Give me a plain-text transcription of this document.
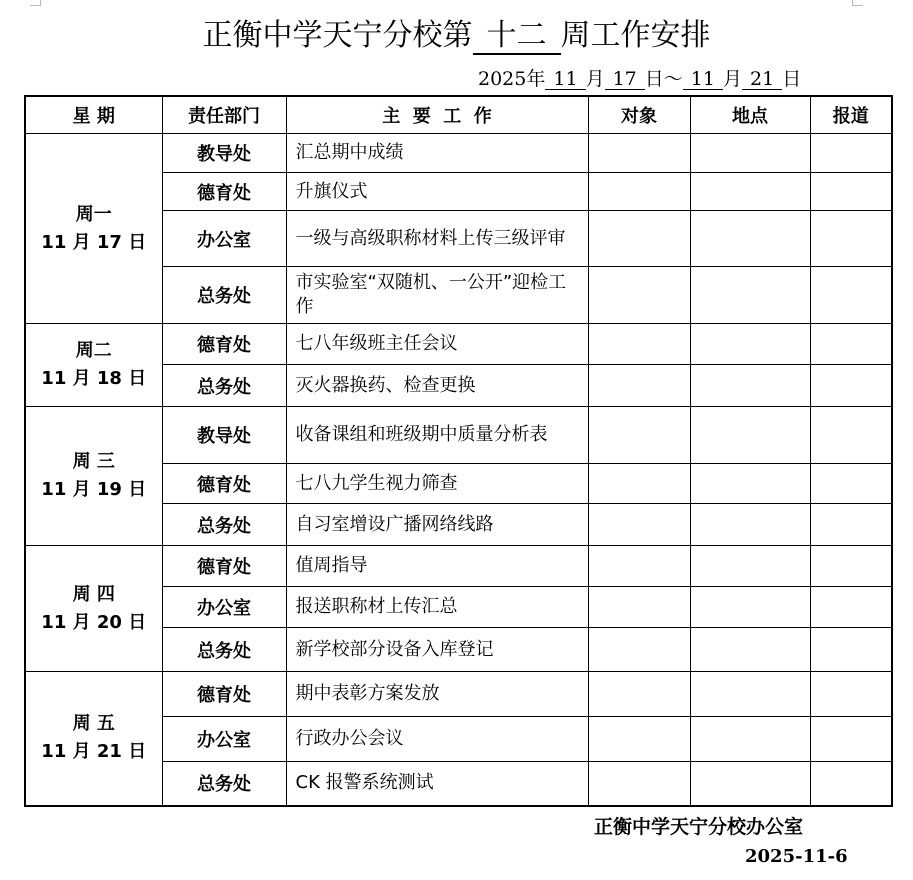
正衡中学天宁分校第 十二 周工作安排
2025年 11 月 17 日～ 11 月 21 日
星 期	责任部门	主  要  工  作	对象	地点	报道

周一
11 月 17 日	教导处	汇总期中成绩			
	德育处	升旗仪式			
	办公室	一级与高级职称材料上传三级评审			
	总务处	市实验室“双随机、一公开”迎检工作			

周二
11 月 18 日	德育处	七八年级班主任会议			
	总务处	灭火器换药、检查更换			

周 三
11 月 19 日	教导处	收备课组和班级期中质量分析表			
	德育处	七八九学生视力筛查			
	总务处	自习室增设广播网络线路			

周 四
11 月 20 日	德育处	值周指导			
	办公室	报送职称材上传汇总			
	总务处	新学校部分设备入库登记			

周 五
11 月 21 日	德育处	期中表彰方案发放			
	办公室	行政办公会议			
	总务处	CK 报警系统测试			
正衡中学天宁分校办公室
2025-11-6
